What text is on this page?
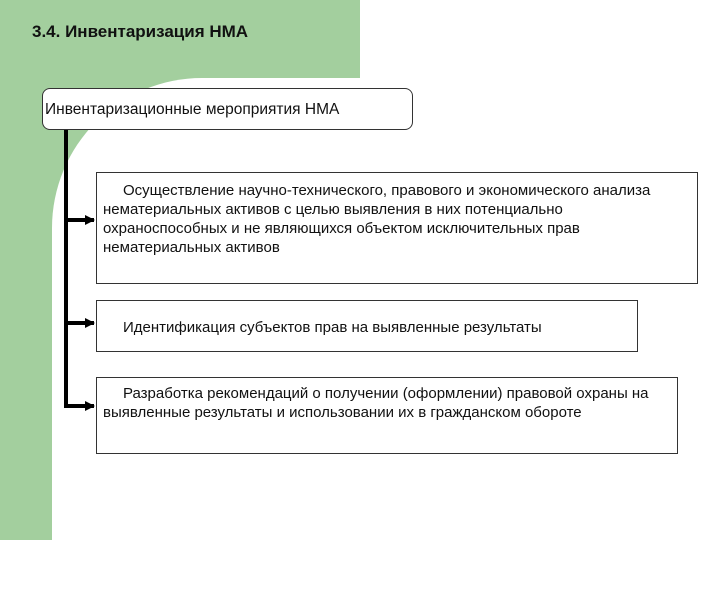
3.4. Инвентаризация НМА
Инвентаризационные мероприятия НМА
Осуществление научно-технического, правового и экономического анализа нематериальных активов с целью выявления в них потенциально охраноспособных и не являющихся объектом исключительных прав нематериальных активов
Идентификация субъектов прав на выявленные результаты
Разработка рекомендаций о получении (оформлении) правовой охраны на выявленные результаты и использовании их в гражданском обороте
